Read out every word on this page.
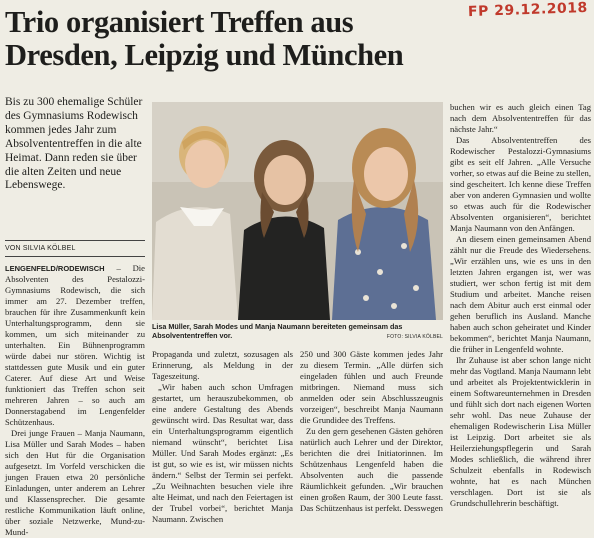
FP 29.12.2018
Trio organisiert Treffen aus
Dresden, Leipzig und München
Bis zu 300 ehemalige Schüler des Gymnasiums Rodewisch kommen jedes Jahr zum Absolvententreffen in die alte Heimat. Dann reden sie über die alten Zeiten und neue Lebenswege.
VON SILVIA KÖLBEL
Lisa Müller, Sarah Modes und Manja Naumann bereiteten gemeinsam das Absolvententreffen vor.	FOTO: SILVIA KÖLBEL

LENGENFELD/RODEWISCH – Die Absolventen des Pestalozzi-Gymnasiums Rodewisch, die sich immer am 27. Dezember treffen, brauchen für ihre Zusammenkunft kein Unterhaltungsprogramm, denn sie kommen, um sich miteinander zu unterhalten. Ein Bühnenprogramm würde dabei nur stören. Wichtig ist stattdessen gute Musik und ein guter Caterer. Auf diese Art und Weise funktioniert das Treffen schon seit mehreren Jahren – so auch am Donnerstagabend im Lengenfelder Schützenhaus.

Drei junge Frauen – Manja Naumann, Lisa Müller und Sarah Modes – haben sich den Hut für die Organisation aufgesetzt. Im Vorfeld verschicken die jungen Frauen etwa 20 persönliche Einladungen, unter anderem an Lehrer und Klassensprecher. Die gesamte restliche Kommunikation läuft online, über soziale Netzwerke, Mund-zu-Mund-

Propaganda und zuletzt, sozusagen als Erinnerung, als Meldung in der Tageszeitung.

„Wir haben auch schon Umfragen gestartet, um herauszubekommen, ob eine andere Gestaltung des Abends gewünscht wird. Das Resultat war, dass ein Unterhaltungsprogramm eigentlich niemand wünscht“, berichtet Lisa Müller. Und Sarah Modes ergänzt: „Es ist gut, so wie es ist, wir müssen nichts ändern.“ Selbst der Termin sei perfekt. „Zu Weihnachten besuchen viele ihre alte Heimat, und nach den Feiertagen ist der Trubel vorbei“, berichtet Manja Naumann. Zwischen

250 und 300 Gäste kommen jedes Jahr zu diesem Termin. „Alle dürfen sich eingeladen fühlen und auch Freunde mitbringen. Niemand muss sich anmelden oder sein Abschlusszeugnis vorzeigen“, beschreibt Manja Naumann die Grundidee des Treffens.

Zu den gern gesehenen Gästen gehören natürlich auch Lehrer und der Direktor, berichten die drei Initiatorinnen. Im Schützenhaus Lengenfeld haben die Absolventen auch die passende Räumlichkeit gefunden. „Wir brauchen einen großen Raum, der 300 Leute fasst. Das Schützenhaus ist perfekt. Desswegen

buchen wir es auch gleich einen Tag nach dem Absolvententreffen für das nächste Jahr.“

Das Absolvententreffen des Rodewischer Pestalozzi-Gymnasiums gibt es seit elf Jahren. „Alle Versuche vorher, so etwas auf die Beine zu stellen, sind gescheitert. Ich kenne diese Treffen aber von anderen Gymnasien und wollte so etwas auch für die Rodewischer Absolventen organisieren“, berichtet Manja Naumann von den Anfängen.

An diesem einen gemeinsamen Abend zählt nur die Freude des Wiedersehens. „Wir erzählen uns, wie es uns in den letzten Jahren ergangen ist, wer was studiert, wer schon fertig ist mit dem Studium und arbeitet. Manche reisen nach dem Abitur auch erst einmal oder gehen beruflich ins Ausland. Manche haben auch schon geheiratet und Kinder bekommen“, berichtet Manja Naumann, die früher in Lengenfeld wohnte.

Ihr Zuhause ist aber schon lange nicht mehr das Vogtland. Manja Naumann lebt und arbeitet als Projektentwicklerin in einem Softwareunternehmen in Dresden und fühlt sich dort nach eigenen Worten sehr wohl. Das neue Zuhause der ehemaligen Rodewischerin Lisa Müller ist Leipzig. Dort arbeitet sie als Heilerziehungspflegerin und Sarah Modes schließlich, die während ihrer Schulzeit ebenfalls in Rodewisch wohnte, hat es nach München verschlagen. Dort ist sie als Grundschullehrerin beschäftigt.
